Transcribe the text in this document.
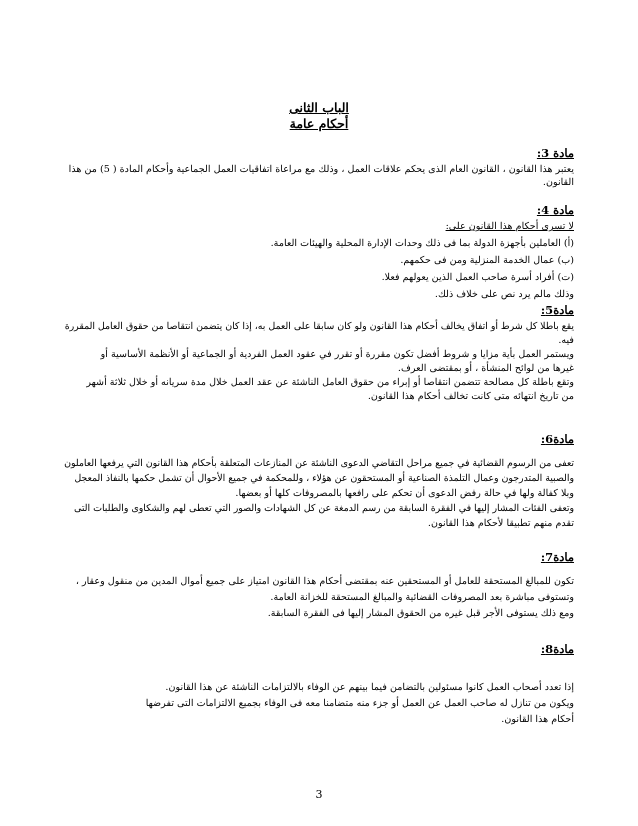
الباب الثانى
أحكام عامة
مادة 3:
يعتبر هذا القانون ، القانون العام الذى يحكم علاقات العمل ، وذلك مع مراعاة اتفاقيات العمل الجماعية وأحكام المادة ( 5) من هذا
القانون.
مادة 4:
لا تسرى أحكام هذا القانون على:
(أ) العاملين بأجهزة الدولة بما فى ذلك وحدات الإدارة المحلية والهيئات العامة.
(ب) عمال الخدمة المنزلية ومن فى حكمهم.
(ت) أفراد أسرة صاحب العمل الذين يعولهم فعلا.
وذلك مالم يرد نص على خلاف ذلك.
مادة5:
يقع باطلا كل شرط أو اتفاق يخالف أحكام هذا القانون ولو كان سابقا على العمل به، إذا كان يتضمن انتقاصا من حقوق العامل المقررة
فيه.
ويستمر العمل بأية مزايا و شروط أفضل تكون مقررة أو تقرر في عقود العمل الفردية أو الجماعية أو الأنظمة الأساسية أو
غيرها من لوائح المنشأة ، أو بمقتضى العرف.
وتقع باطلة كل مصالحة تتضمن انتقاصا أو إبراء من حقوق العامل الناشئة عن عقد العمل خلال مدة سريانه أو خلال ثلاثة أشهر
من تاريخ انتهائه متى كانت تخالف أحكام هذا القانون.
مادة6:
تعفى من الرسوم القضائية في جميع مراحل التقاضي الدعوى الناشئة عن المنازعات المتعلقة بأحكام هذا القانون التي يرفعها العاملون
والصبية المتدرجون وعمال التلمذة الصناعية أو المستحقون عن هؤلاء ، وللمحكمة في جميع الأحوال أن تشمل حكمها بالنفاذ المعجل
وبلا كفالة ولها في حالة رفض الدعوى أن تحكم على رافعها بالمصروفات كلها أو بعضها.
وتعفى الفئات المشار إليها في الفقرة السابقة من رسم الدمغة عن كل الشهادات والصور التي تعطى لهم والشكاوى والطلبات التى
تقدم منهم تطبيقا لأحكام هذا القانون.
مادة7:
تكون للمبالغ المستحقة للعامل أو المستحقين عنه بمقتضى أحكام هذا القانون امتياز على جميع أموال المدين من منقول وعقار ،
وتستوفى مباشرة بعد المصروفات القضائية والمبالغ المستحقة للخزانة العامة.
ومع ذلك يستوفى الأجر قبل غيره من الحقوق المشار إليها فى الفقرة السابقة.
مادة8:
إذا تعدد أصحاب العمل كانوا مسئولين بالتضامن فيما بينهم عن الوفاء بالالتزامات الناشئة عن هذا القانون.
ويكون من تنازل له صاحب العمل عن العمل أو جزء منه متضامنا معه فى الوفاء بجميع الالتزامات التى تفرضها
أحكام هذا القانون.
3
